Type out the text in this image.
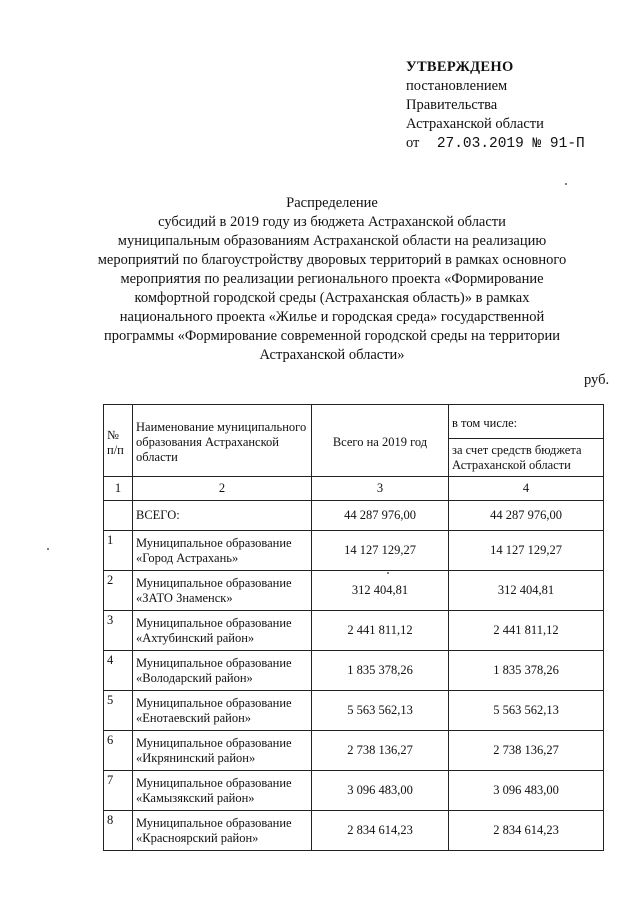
УТВЕРЖДЕНО
постановлением
Правительства
Астраханской области
от 27.03.2019 № 91-П
Распределение
субсидий в 2019 году из бюджета Астраханской области
муниципальным образованиям Астраханской области на реализацию
мероприятий по благоустройству дворовых территорий в рамках основного
мероприятия по реализации регионального проекта «Формирование
комфортной городской среды (Астраханская область)» в рамках
национального проекта «Жилье и городская среда» государственной
программы «Формирование современной городской среды на территории
Астраханской области»
руб.
№ п/п	Наименование муниципального образования Астраханской области	Всего на 2019 год	в том числе:
			за счет средств бюджета Астраханской области
1	2	3	4
	ВСЕГО:	44 287 976,00	44 287 976,00
1	Муниципальное образование «Город Астрахань»	14 127 129,27	14 127 129,27
2	Муниципальное образование «ЗАТО Знаменск»	312 404,81	312 404,81
3	Муниципальное образование «Ахтубинский район»	2 441 811,12	2 441 811,12
4	Муниципальное образование «Володарский район»	1 835 378,26	1 835 378,26
5	Муниципальное образование «Енотаевский район»	5 563 562,13	5 563 562,13
6	Муниципальное образование «Икрянинский район»	2 738 136,27	2 738 136,27
7	Муниципальное образование «Камызякский район»	3 096 483,00	3 096 483,00
8	Муниципальное образование «Красноярский район»	2 834 614,23	2 834 614,23
